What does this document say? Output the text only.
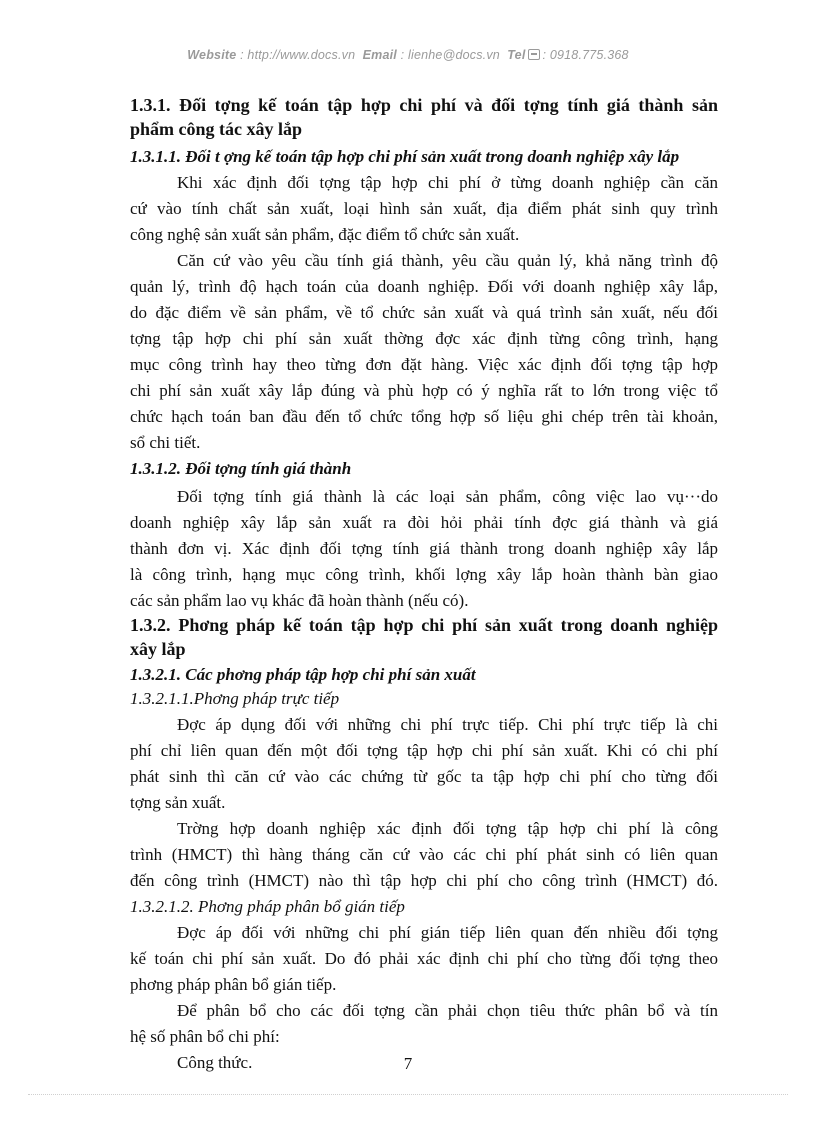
Website : http://www.docs.vn Email : lienhe@docs.vn Tel : 0918.775.368
1.3.1. Đối tợng kế toán tập hợp chi phí và đối tợng tính giá thành sản
phẩm công tác xây lắp
1.3.1.1. Đối t ợng kế toán tập hợp chi phí sản xuất trong doanh nghiệp xây lắp
Khi xác định đối tợng tập hợp chi phí ở từng doanh nghiệp cần căn
cứ vào tính chất sản xuất, loại hình sản xuất, địa điểm phát sinh quy trình
công nghệ sản xuất sản phẩm, đặc điểm tổ chức sản xuất.
Căn cứ vào yêu cầu tính giá thành, yêu cầu quản lý, khả năng trình độ
quản lý, trình độ hạch toán của doanh nghiệp. Đối với doanh nghiệp xây lắp,
do đặc điểm về sản phẩm, về tổ chức sản xuất và quá trình sản xuất, nếu đối
tợng tập hợp chi phí sản xuất thờng đợc xác định từng công trình, hạng
mục công trình hay theo từng đơn đặt hàng. Việc xác định đối tợng tập hợp
chi phí sản xuất xây lắp đúng và phù hợp có ý nghĩa rất to lớn trong việc tổ
chức hạch toán ban đầu đến tổ chức tổng hợp số liệu ghi chép trên tài khoản,
sổ chi tiết.
1.3.1.2. Đối tợng tính giá thành
Đối tợng tính giá thành là các loại sản phẩm, công việc lao vụ···do
doanh nghiệp xây lắp sản xuất ra đòi hỏi phải tính đợc giá thành và giá
thành đơn vị. Xác định đối tợng tính giá thành trong doanh nghiệp xây lắp
là công trình, hạng mục công trình, khối lợng xây lắp hoàn thành bàn giao
các sản phẩm lao vụ khác đã hoàn thành (nếu có).
1.3.2. Phơng pháp kế toán tập hợp chi phí sản xuất trong doanh nghiệp
xây lắp
1.3.2.1. Các phơng pháp tập hợp chi phí sản xuất
1.3.2.1.1.Phơng pháp trực tiếp
Đợc áp dụng đối với những chi phí trực tiếp. Chi phí trực tiếp là chi
phí chỉ liên quan đến một đối tợng tập hợp chi phí sản xuất. Khi có chi phí
phát sinh thì căn cứ vào các chứng từ gốc ta tập hợp chi phí cho từng đối
tợng sản xuất.
Trờng hợp doanh nghiệp xác định đối tợng tập hợp chi phí là công
trình (HMCT) thì hàng tháng căn cứ vào các chi phí phát sinh có liên quan
đến công trình (HMCT) nào thì tập hợp chi phí cho công trình (HMCT) đó.
1.3.2.1.2. Phơng pháp phân bổ gián tiếp
Đợc áp đối với những chi phí gián tiếp liên quan đến nhiều đối tợng
kế toán chi phí sản xuất. Do đó phải xác định chi phí cho từng đối tợng theo
phơng pháp phân bổ gián tiếp.
Để phân bổ cho các đối tợng cần phải chọn tiêu thức phân bổ và tín
hệ số phân bổ chi phí:
Công thức.	7
